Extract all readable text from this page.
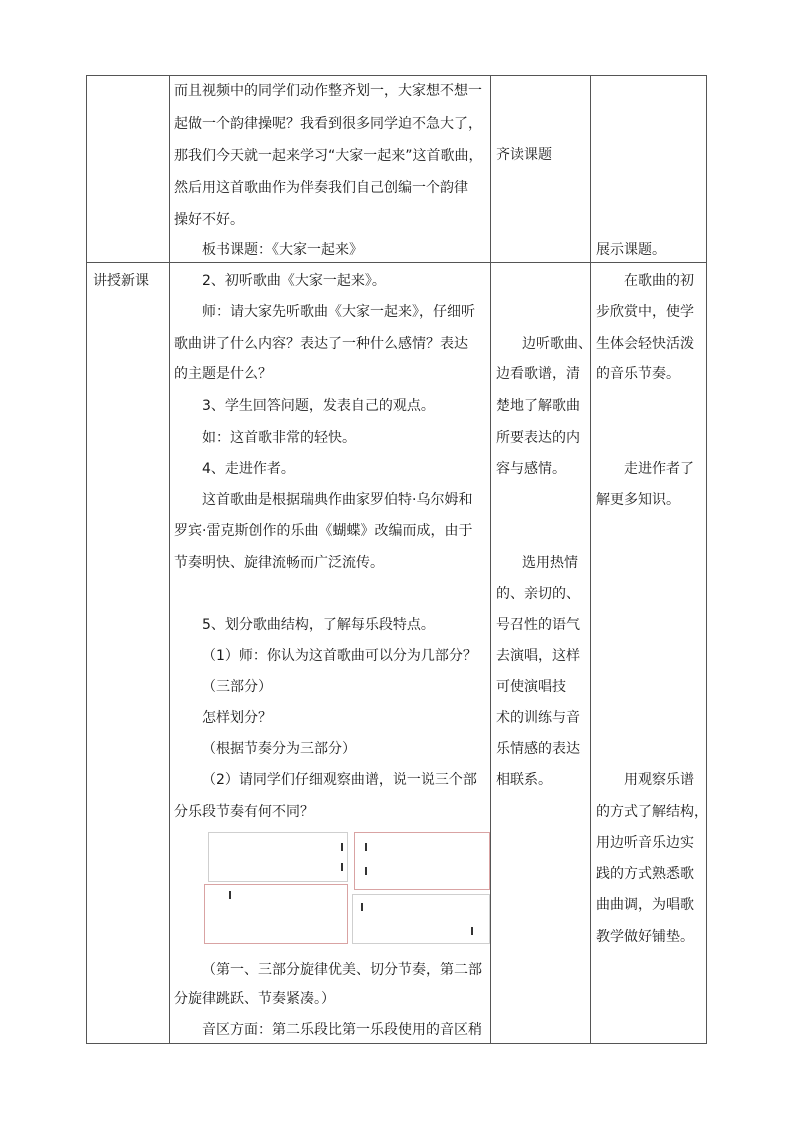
而且视频中的同学们动作整齐划一，大家想不想一
起做一个韵律操呢？我看到很多同学迫不急大了，
那我们今天就一起来学习“大家一起来”这首歌曲，
然后用这首歌曲作为伴奏我们自己创编一个韵律
操好不好。
板书课题：《大家一起来》
齐读课题
展示课题。
讲授新课	2、初听歌曲《大家一起来》。
师：请大家先听歌曲《大家一起来》，仔细听
歌曲讲了什么内容？表达了一种什么感情？表达
的主题是什么？
3、学生回答问题，发表自己的观点。
如：这首歌非常的轻快。
4、走进作者。
这首歌曲是根据瑞典作曲家罗伯特·乌尔姆和
罗宾·雷克斯创作的乐曲《蝴蝶》改编而成，由于
节奏明快、旋律流畅而广泛流传。
5、划分歌曲结构，了解每乐段特点。
（1）师：你认为这首歌曲可以分为几部分？
（三部分）
怎样划分？
（根据节奏分为三部分）
（2）请同学们仔细观察曲谱，说一说三个部
分乐段节奏有何不同？
（第一、三部分旋律优美、切分节奏，第二部
分旋律跳跃、节奏紧凑。）
音区方面：第二乐段比第一乐段使用的音区稍
边听歌曲、
边看歌谱，清
楚地了解歌曲
所要表达的内
容与感情。
选用热情
的、亲切的、
号召性的语气
去演唱，这样
可使演唱技
术的训练与音
乐情感的表达
相联系。
在歌曲的初
步欣赏中，使学
生体会轻快活泼
的音乐节奏。
走进作者了
解更多知识。
用观察乐谱
的方式了解结构，
用边听音乐边实
践的方式熟悉歌
曲曲调，为唱歌
教学做好铺垫。
